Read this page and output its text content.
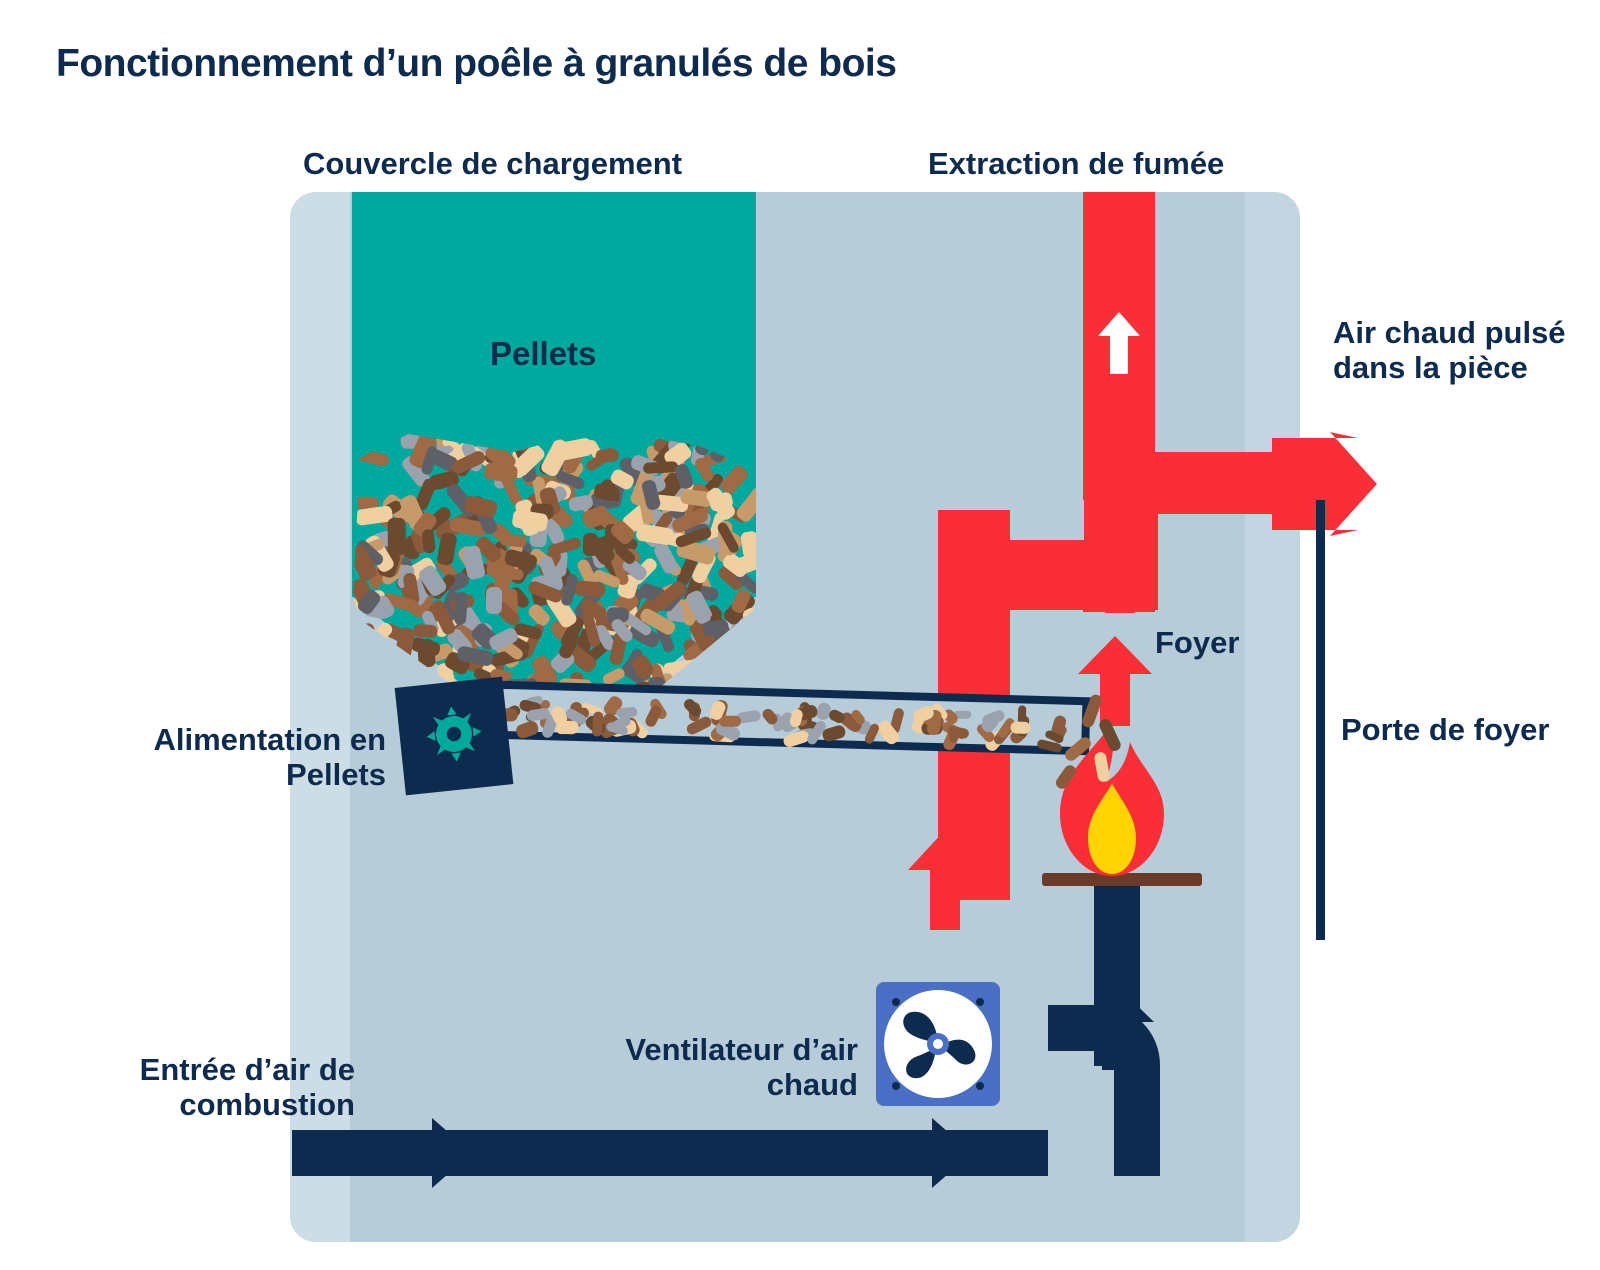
Fonctionnement d’un poêle à granulés de bois
Pellets
Couvercle de chargement	Extraction de fumée
Air chaud pulsé dans la pièce
Foyer
Porte de foyer
Alimentation en Pellets
Entrée d’air de combustion
Ventilateur d’air chaud
